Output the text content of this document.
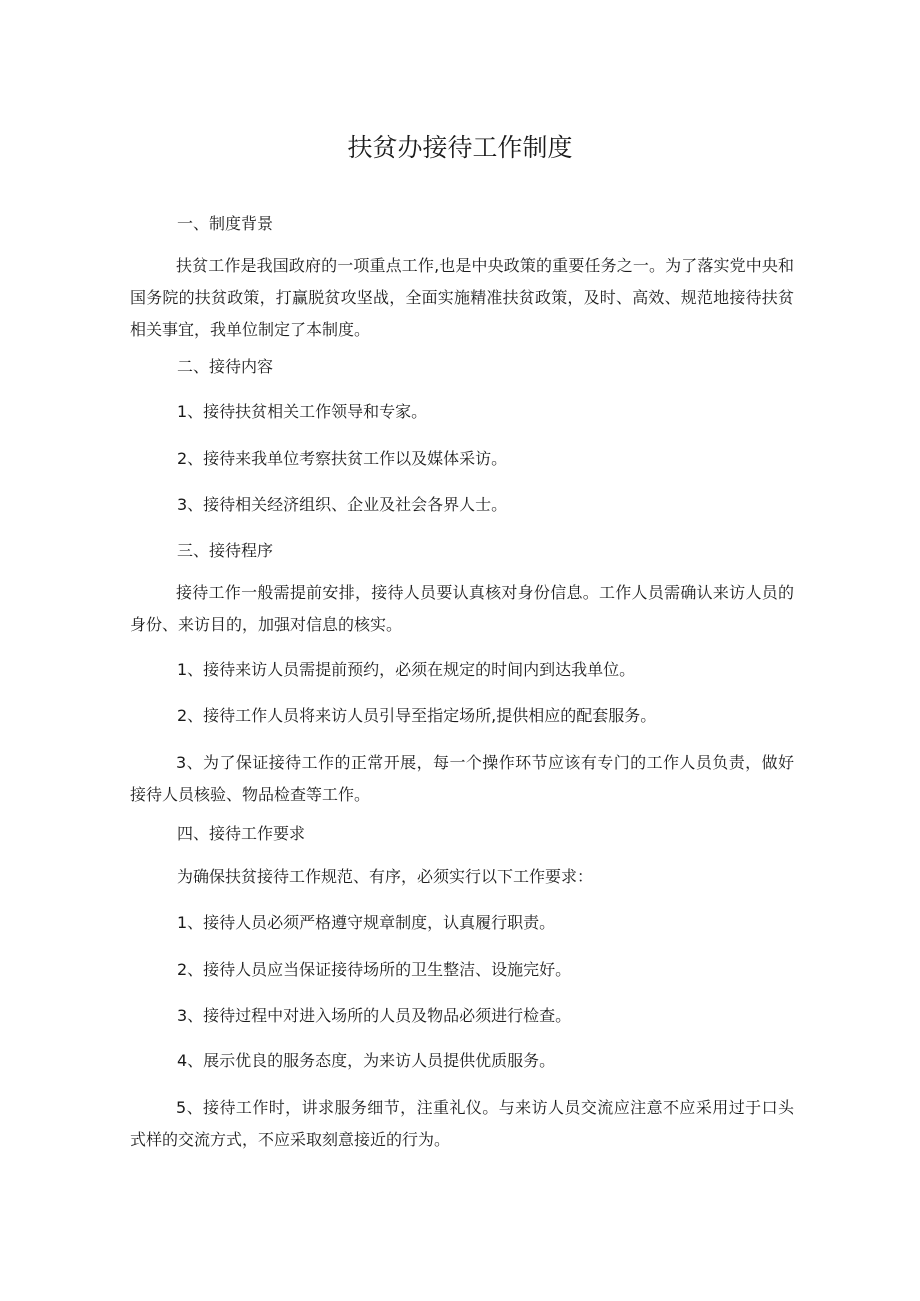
扶贫办接待工作制度
一、制度背景
扶贫工作是我国政府的一项重点工作,也是中央政策的重要任务之一。为了落实党中央和国务院的扶贫政策，打赢脱贫攻坚战，全面实施精准扶贫政策，及时、高效、规范地接待扶贫相关事宜，我单位制定了本制度。
二、接待内容
1、接待扶贫相关工作领导和专家。
2、接待来我单位考察扶贫工作以及媒体采访。
3、接待相关经济组织、企业及社会各界人士。
三、接待程序
接待工作一般需提前安排，接待人员要认真核对身份信息。工作人员需确认来访人员的身份、来访目的，加强对信息的核实。
1、接待来访人员需提前预约，必须在规定的时间内到达我单位。
2、接待工作人员将来访人员引导至指定场所,提供相应的配套服务。
3、为了保证接待工作的正常开展，每一个操作环节应该有专门的工作人员负责，做好接待人员核验、物品检查等工作。
四、接待工作要求
为确保扶贫接待工作规范、有序，必须实行以下工作要求：
1、接待人员必须严格遵守规章制度，认真履行职责。
2、接待人员应当保证接待场所的卫生整洁、设施完好。
3、接待过程中对进入场所的人员及物品必须进行检查。
4、展示优良的服务态度，为来访人员提供优质服务。
5、接待工作时，讲求服务细节，注重礼仪。与来访人员交流应注意不应采用过于口头式样的交流方式，不应采取刻意接近的行为。
